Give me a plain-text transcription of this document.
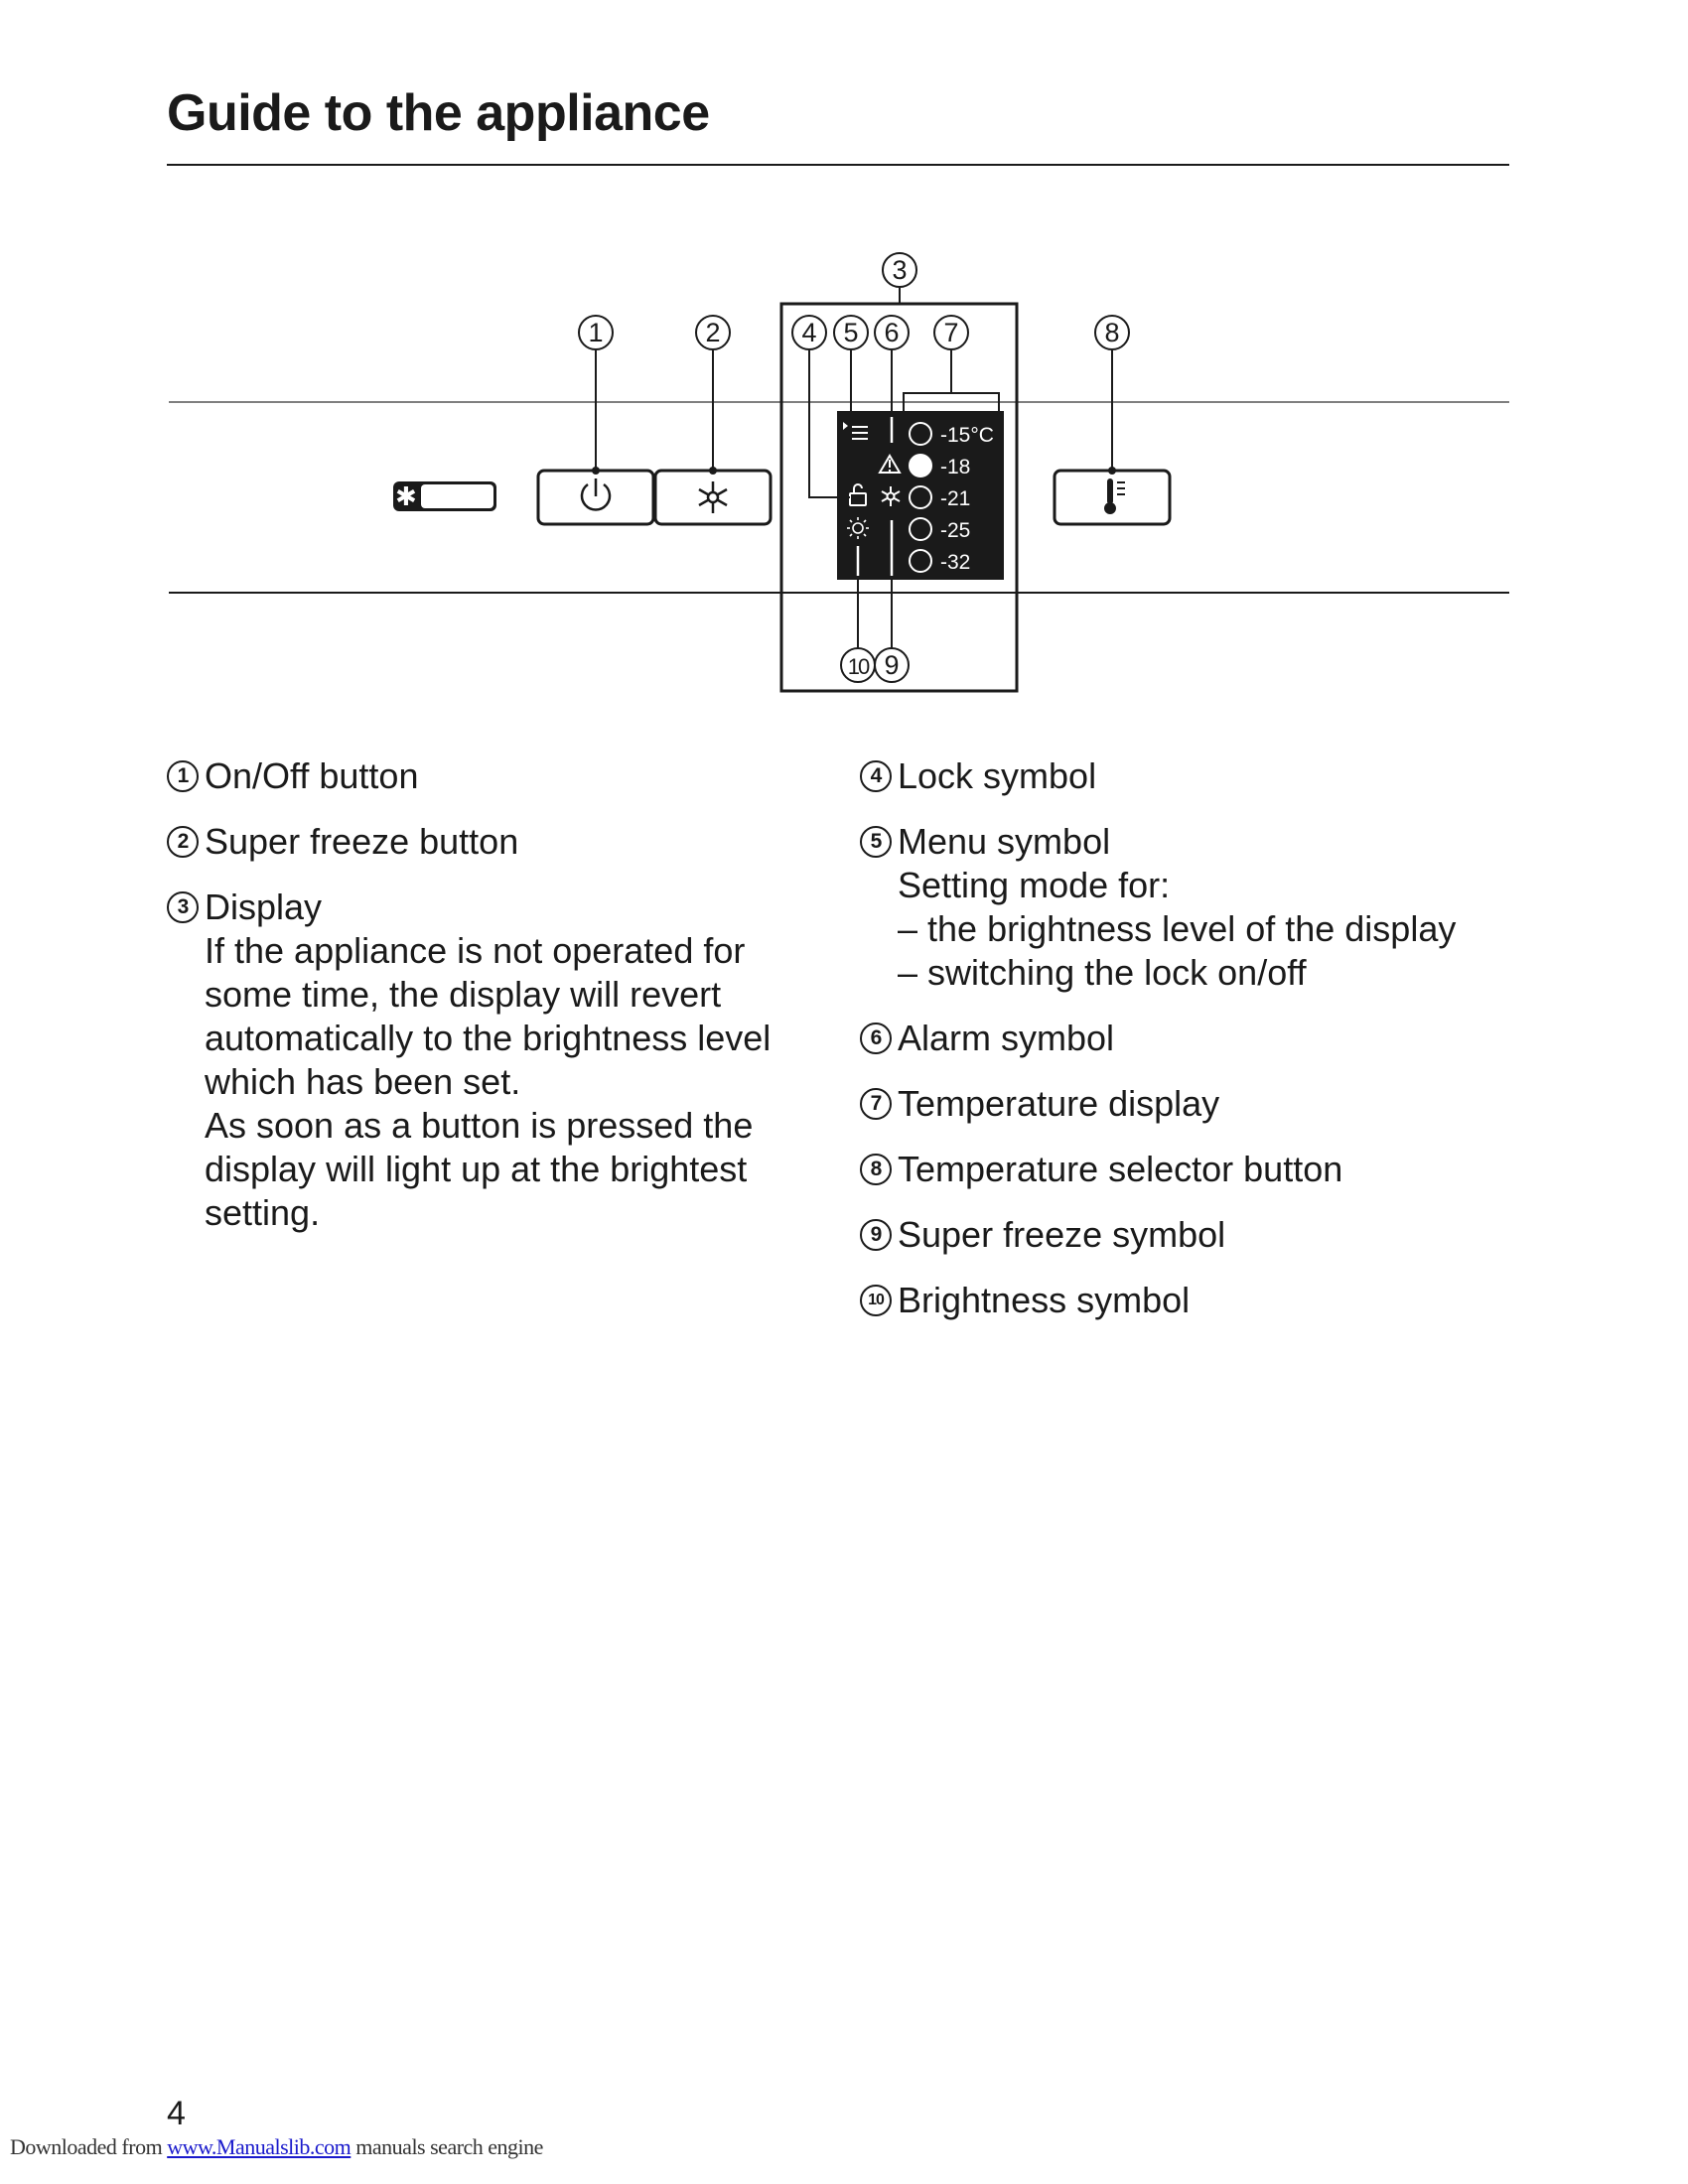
Guide to the appliance
✱✱✱✱
-15°C
-18
-21
-25
-32
1	2
3
4 5 6 7	8
9
10
1 On/Off button
2 Super freeze button
3 Display
If the appliance is not operated for
some time, the display will revert
automatically to the brightness level
which has been set.
As soon as a button is pressed the
display will light up at the brightest
setting.
4 Lock symbol
5 Menu symbol
Setting mode for:
– the brightness level of the display
– switching the lock on/off
6 Alarm symbol
7 Temperature display
8 Temperature selector button
9 Super freeze symbol
10 Brightness symbol
4
Downloaded from www.Manualslib.com manuals search engine
